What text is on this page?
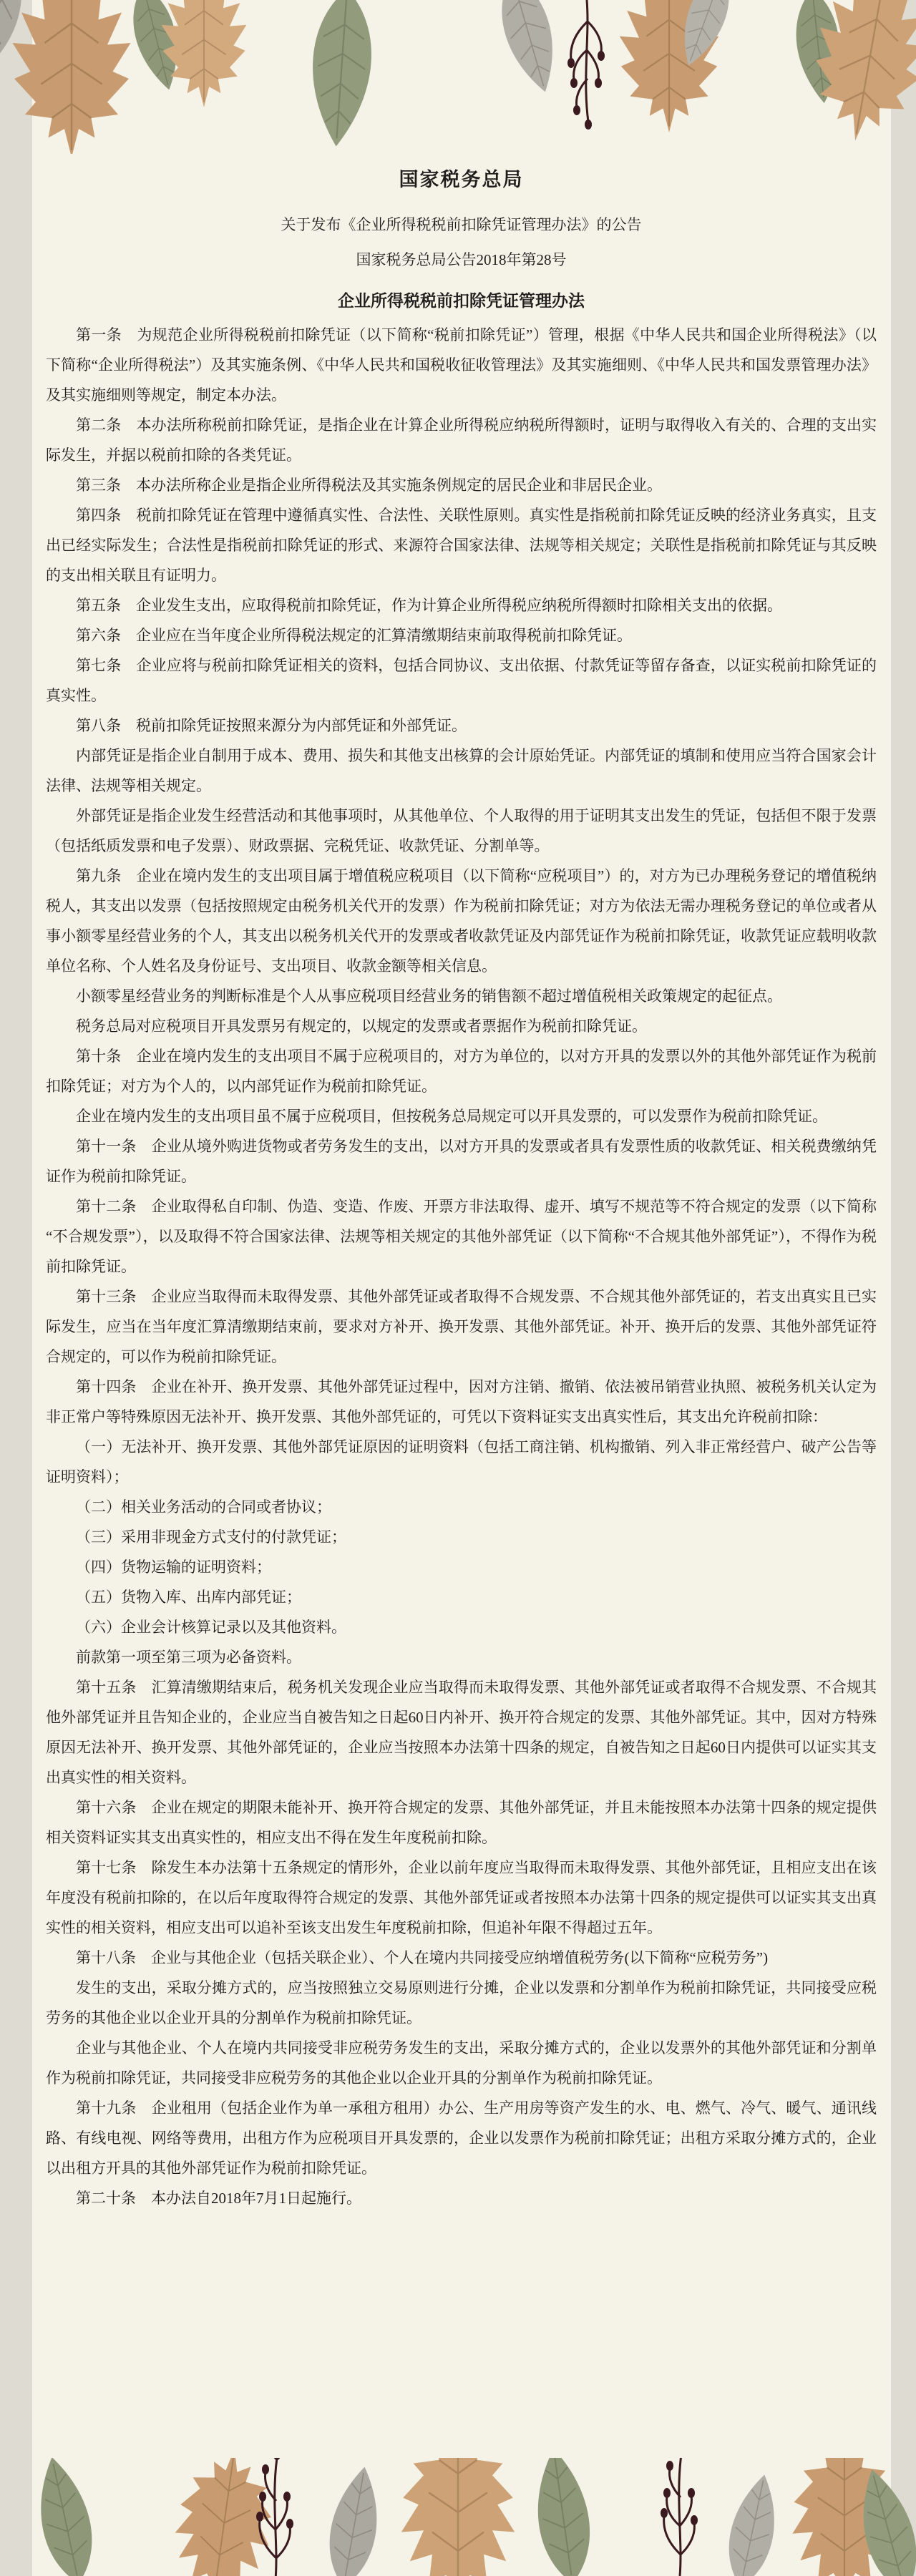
国家税务总局
关于发布《企业所得税税前扣除凭证管理办法》的公告
国家税务总局公告2018年第28号
企业所得税税前扣除凭证管理办法

第一条　为规范企业所得税税前扣除凭证（以下简称“税前扣除凭证”）管理，根据《中华人民共和国企业所得税法》（以下简称“企业所得税法”）及其实施条例、《中华人民共和国税收征收管理法》及其实施细则、《中华人民共和国发票管理办法》及其实施细则等规定，制定本办法。

第二条　本办法所称税前扣除凭证，是指企业在计算企业所得税应纳税所得额时，证明与取得收入有关的、合理的支出实际发生，并据以税前扣除的各类凭证。

第三条　本办法所称企业是指企业所得税法及其实施条例规定的居民企业和非居民企业。

第四条　税前扣除凭证在管理中遵循真实性、合法性、关联性原则。真实性是指税前扣除凭证反映的经济业务真实，且支出已经实际发生；合法性是指税前扣除凭证的形式、来源符合国家法律、法规等相关规定；关联性是指税前扣除凭证与其反映的支出相关联且有证明力。

第五条　企业发生支出，应取得税前扣除凭证，作为计算企业所得税应纳税所得额时扣除相关支出的依据。

第六条　企业应在当年度企业所得税法规定的汇算清缴期结束前取得税前扣除凭证。

第七条　企业应将与税前扣除凭证相关的资料，包括合同协议、支出依据、付款凭证等留存备查，以证实税前扣除凭证的真实性。

第八条　税前扣除凭证按照来源分为内部凭证和外部凭证。

内部凭证是指企业自制用于成本、费用、损失和其他支出核算的会计原始凭证。内部凭证的填制和使用应当符合国家会计法律、法规等相关规定。

外部凭证是指企业发生经营活动和其他事项时，从其他单位、个人取得的用于证明其支出发生的凭证，包括但不限于发票（包括纸质发票和电子发票）、财政票据、完税凭证、收款凭证、分割单等。

第九条　企业在境内发生的支出项目属于增值税应税项目（以下简称“应税项目”）的，对方为已办理税务登记的增值税纳税人，其支出以发票（包括按照规定由税务机关代开的发票）作为税前扣除凭证；对方为依法无需办理税务登记的单位或者从事小额零星经营业务的个人，其支出以税务机关代开的发票或者收款凭证及内部凭证作为税前扣除凭证，收款凭证应载明收款单位名称、个人姓名及身份证号、支出项目、收款金额等相关信息。

小额零星经营业务的判断标准是个人从事应税项目经营业务的销售额不超过增值税相关政策规定的起征点。

税务总局对应税项目开具发票另有规定的，以规定的发票或者票据作为税前扣除凭证。

第十条　企业在境内发生的支出项目不属于应税项目的，对方为单位的，以对方开具的发票以外的其他外部凭证作为税前扣除凭证；对方为个人的，以内部凭证作为税前扣除凭证。

企业在境内发生的支出项目虽不属于应税项目，但按税务总局规定可以开具发票的，可以发票作为税前扣除凭证。

第十一条　企业从境外购进货物或者劳务发生的支出，以对方开具的发票或者具有发票性质的收款凭证、相关税费缴纳凭证作为税前扣除凭证。

第十二条　企业取得私自印制、伪造、变造、作废、开票方非法取得、虚开、填写不规范等不符合规定的发票（以下简称“不合规发票”），以及取得不符合国家法律、法规等相关规定的其他外部凭证（以下简称“不合规其他外部凭证”），不得作为税前扣除凭证。

第十三条　企业应当取得而未取得发票、其他外部凭证或者取得不合规发票、不合规其他外部凭证的，若支出真实且已实际发生，应当在当年度汇算清缴期结束前，要求对方补开、换开发票、其他外部凭证。补开、换开后的发票、其他外部凭证符合规定的，可以作为税前扣除凭证。

第十四条　企业在补开、换开发票、其他外部凭证过程中，因对方注销、撤销、依法被吊销营业执照、被税务机关认定为非正常户等特殊原因无法补开、换开发票、其他外部凭证的，可凭以下资料证实支出真实性后，其支出允许税前扣除：

（一）无法补开、换开发票、其他外部凭证原因的证明资料（包括工商注销、机构撤销、列入非正常经营户、破产公告等证明资料）；

（二）相关业务活动的合同或者协议；

（三）采用非现金方式支付的付款凭证；

（四）货物运输的证明资料；

（五）货物入库、出库内部凭证；

（六）企业会计核算记录以及其他资料。

前款第一项至第三项为必备资料。

第十五条　汇算清缴期结束后，税务机关发现企业应当取得而未取得发票、其他外部凭证或者取得不合规发票、不合规其他外部凭证并且告知企业的，企业应当自被告知之日起60日内补开、换开符合规定的发票、其他外部凭证。其中，因对方特殊原因无法补开、换开发票、其他外部凭证的，企业应当按照本办法第十四条的规定，自被告知之日起60日内提供可以证实其支出真实性的相关资料。

第十六条　企业在规定的期限未能补开、换开符合规定的发票、其他外部凭证，并且未能按照本办法第十四条的规定提供相关资料证实其支出真实性的，相应支出不得在发生年度税前扣除。

第十七条　除发生本办法第十五条规定的情形外，企业以前年度应当取得而未取得发票、其他外部凭证，且相应支出在该年度没有税前扣除的，在以后年度取得符合规定的发票、其他外部凭证或者按照本办法第十四条的规定提供可以证实其支出真实性的相关资料，相应支出可以追补至该支出发生年度税前扣除，但追补年限不得超过五年。

第十八条　企业与其他企业（包括关联企业）、个人在境内共同接受应纳增值税劳务(以下简称“应税劳务”)

发生的支出，采取分摊方式的，应当按照独立交易原则进行分摊，企业以发票和分割单作为税前扣除凭证，共同接受应税劳务的其他企业以企业开具的分割单作为税前扣除凭证。

企业与其他企业、个人在境内共同接受非应税劳务发生的支出，采取分摊方式的，企业以发票外的其他外部凭证和分割单作为税前扣除凭证，共同接受非应税劳务的其他企业以企业开具的分割单作为税前扣除凭证。

第十九条　企业租用（包括企业作为单一承租方租用）办公、生产用房等资产发生的水、电、燃气、冷气、暖气、通讯线路、有线电视、网络等费用，出租方作为应税项目开具发票的，企业以发票作为税前扣除凭证；出租方采取分摊方式的，企业以出租方开具的其他外部凭证作为税前扣除凭证。

第二十条　本办法自2018年7月1日起施行。
